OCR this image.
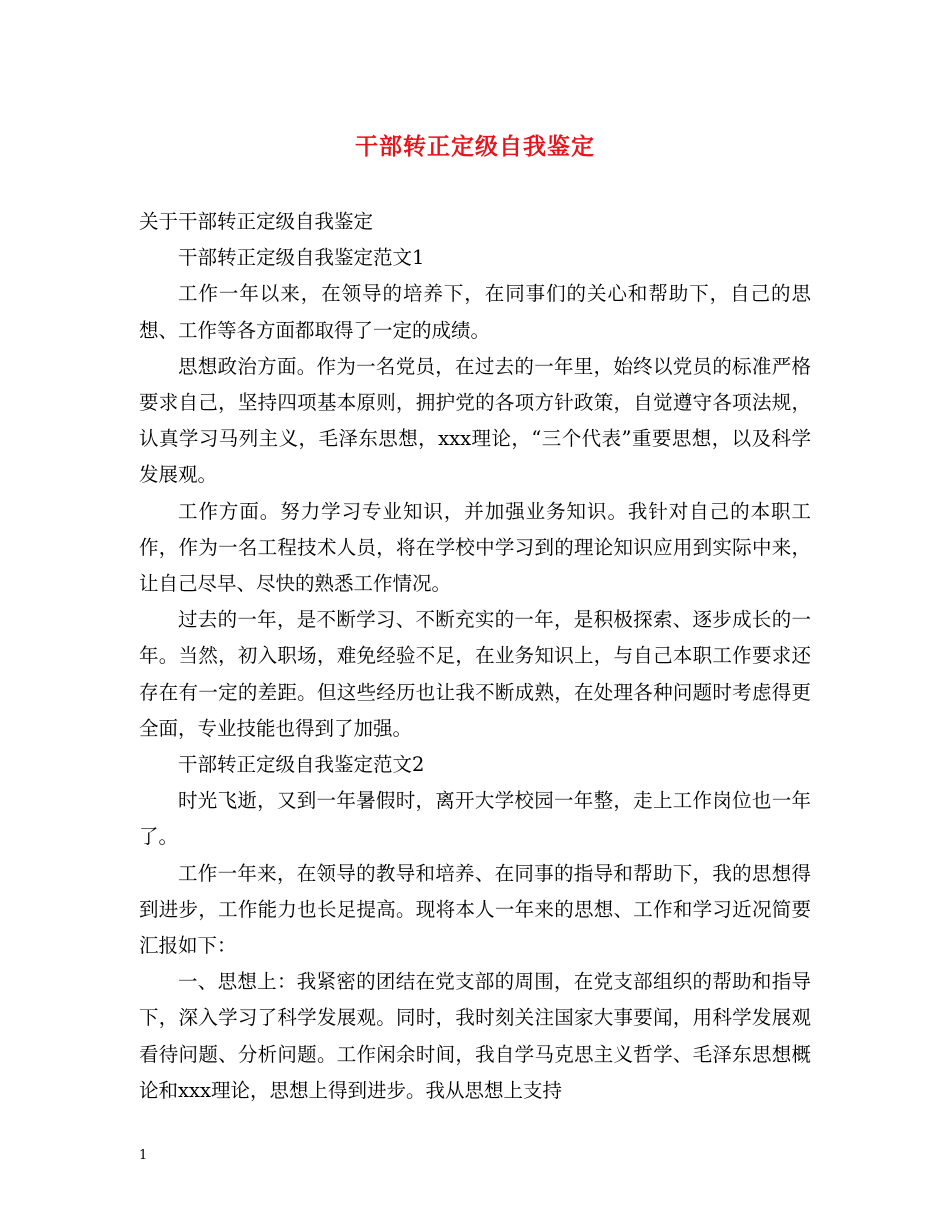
干部转正定级自我鉴定

关于干部转正定级自我鉴定

干部转正定级自我鉴定范文1

工作一年以来，在领导的培养下，在同事们的关心和帮助下，自己的思想、工作等各方面都取得了一定的成绩。

思想政治方面。作为一名党员，在过去的一年里，始终以党员的标准严格要求自己，坚持四项基本原则，拥护党的各项方针政策，自觉遵守各项法规，认真学习马列主义，毛泽东思想，xxx理论，“三个代表”重要思想，以及科学发展观。

工作方面。努力学习专业知识，并加强业务知识。我针对自己的本职工作，作为一名工程技术人员，将在学校中学习到的理论知识应用到实际中来，让自己尽早、尽快的熟悉工作情况。

过去的一年，是不断学习、不断充实的一年，是积极探索、逐步成长的一年。当然，初入职场，难免经验不足，在业务知识上，与自己本职工作要求还存在有一定的差距。但这些经历也让我不断成熟，在处理各种问题时考虑得更全面，专业技能也得到了加强。

干部转正定级自我鉴定范文2

时光飞逝，又到一年暑假时，离开大学校园一年整，走上工作岗位也一年了。

工作一年来，在领导的教导和培养、在同事的指导和帮助下，我的思想得到进步，工作能力也长足提高。现将本人一年来的思想、工作和学习近况简要汇报如下：

一、思想上：我紧密的团结在党支部的周围，在党支部组织的帮助和指导下，深入学习了科学发展观。同时，我时刻关注国家大事要闻，用科学发展观看待问题、分析问题。工作闲余时间，我自学马克思主义哲学、毛泽东思想概论和xxx理论，思想上得到进步。我从思想上支持

1
